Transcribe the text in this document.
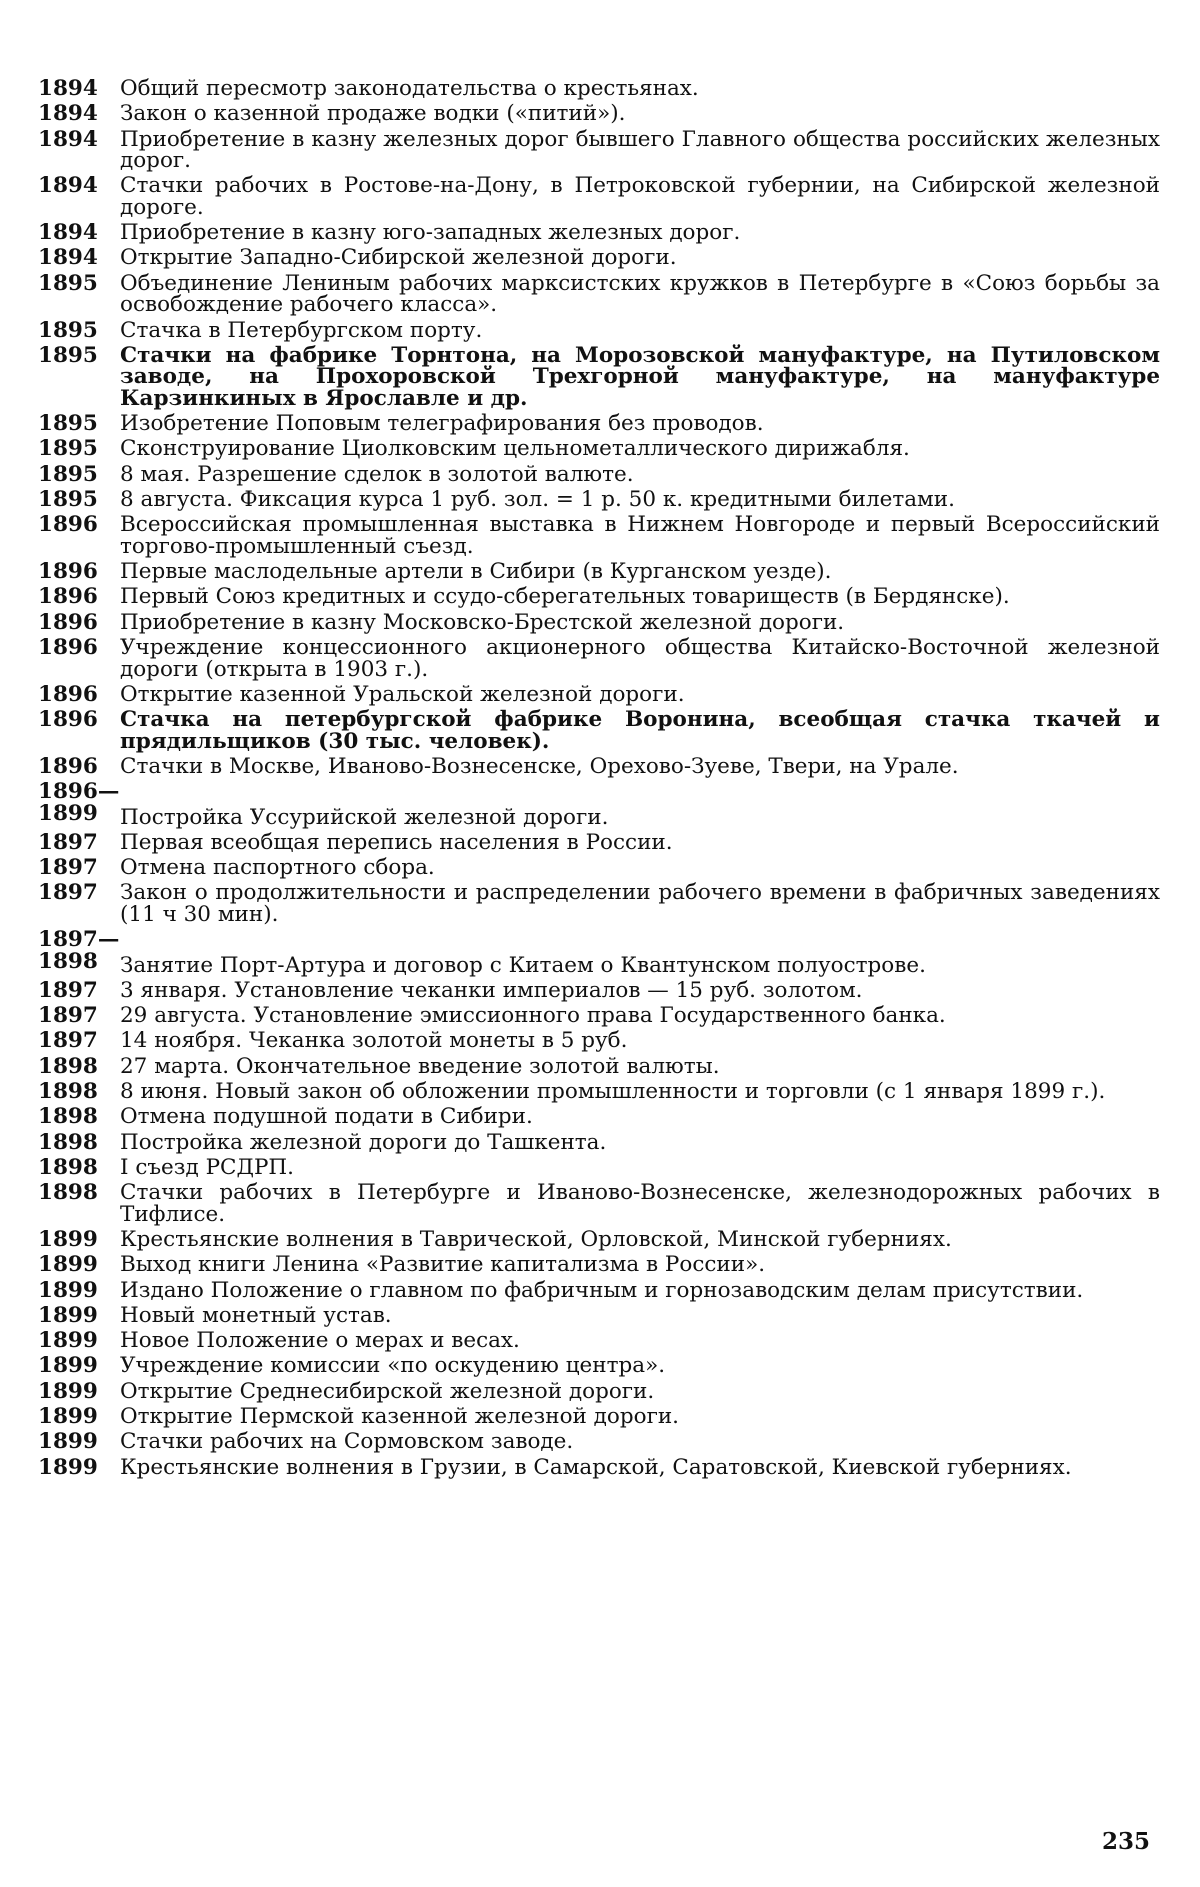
1894	Общий пересмотр законодательства о крестьянах.
1894	Закон о казенной продаже водки («питий»).
1894	Приобретение в казну железных дорог бывшего Главного общества российских железных дорог.
1894	Стачки рабочих в Ростове-на-Дону, в Петроковской губернии, на Сибирской железной дороге.
1894	Приобретение в казну юго-западных железных дорог.
1894	Открытие Западно-Сибирской железной дороги.
1895	Объединение Лениным рабочих марксистских кружков в Петербурге в «Союз борьбы за освобождение рабочего класса».
1895	Стачка в Петербургском порту.
1895	Стачки на фабрике Торнтона, на Морозовской мануфактуре, на Путиловском заводе, на Прохоровской Трехгорной мануфактуре, на мануфактуре Карзинкиных в Ярославле и др.
1895	Изобретение Поповым телеграфирования без проводов.
1895	Сконструирование Циолковским цельнометаллического дирижабля.
1895	8 мая. Разрешение сделок в золотой валюте.
1895	8 августа. Фиксация курса 1 руб. зол. = 1 р. 50 к. кредитными билетами.
1896	Всероссийская промышленная выставка в Нижнем Новгороде и первый Всероссийский торгово-промышленный съезд.
1896	Первые маслодельные артели в Сибири (в Курганском уезде).
1896	Первый Союз кредитных и ссудо-сберегательных товариществ (в Бердянске).
1896	Приобретение в казну Московско-Брестской железной дороги.
1896	Учреждение концессионного акционерного общества Китайско-Восточной железной дороги (открыта в 1903 г.).
1896	Открытие казенной Уральской железной дороги.
1896	Стачка на петербургской фабрике Воронина, всеобщая стачка ткачей и прядильщиков (30 тыс. человек).
1896	Стачки в Москве, Иваново-Вознесенске, Орехово-Зуеве, Твери, на Урале.
1896—
1899	Постройка Уссурийской железной дороги.
1897	Первая всеобщая перепись населения в России.
1897	Отмена паспортного сбора.
1897	Закон о продолжительности и распределении рабочего времени в фабричных заведениях (11 ч 30 мин).
1897—
1898	Занятие Порт-Артура и договор с Китаем о Квантунском полуострове.
1897	3 января. Установление чеканки империалов — 15 руб. золотом.
1897	29 августа. Установление эмиссионного права Государственного банка.
1897	14 ноября. Чеканка золотой монеты в 5 руб.
1898	27 марта. Окончательное введение золотой валюты.
1898	8 июня. Новый закон об обложении промышленности и торговли (с 1 января 1899 г.).
1898	Отмена подушной подати в Сибири.
1898	Постройка железной дороги до Ташкента.
1898	I съезд РСДРП.
1898	Стачки рабочих в Петербурге и Иваново-Вознесенске, железнодорожных рабочих в Тифлисе.
1899	Крестьянские волнения в Таврической, Орловской, Минской губерниях.
1899	Выход книги Ленина «Развитие капитализма в России».
1899	Издано Положение о главном по фабричным и горнозаводским делам присутствии.
1899	Новый монетный устав.
1899	Новое Положение о мерах и весах.
1899	Учреждение комиссии «по оскудению центра».
1899	Открытие Среднесибирской железной дороги.
1899	Открытие Пермской казенной железной дороги.
1899	Стачки рабочих на Сормовском заводе.
1899	Крестьянские волнения в Грузии, в Самарской, Саратовской, Киевской губерниях.
235
